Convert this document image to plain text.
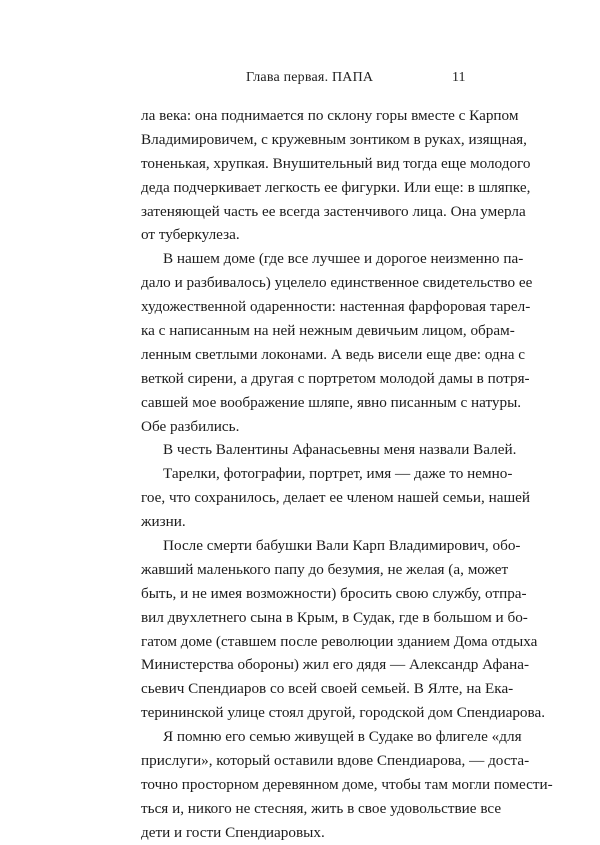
Глава первая. ПАПА	11
ла века: она поднимается по склону горы вместе с Карпом
Владимировичем, с кружевным зонтиком в руках, изящная,
тоненькая, хрупкая. Внушительный вид тогда еще молодого
деда подчеркивает легкость ее фигурки. Или еще: в шляпке,
затеняющей часть ее всегда застенчивого лица. Она умерла
от туберкулеза.
В нашем доме (где все лучшее и дорогое неизменно па-
дало и разбивалось) уцелело единственное свидетельство ее
художественной одаренности: настенная фарфоровая тарел-
ка с написанным на ней нежным девичьим лицом, обрам-
ленным светлыми локонами. А ведь висели еще две: одна с
веткой сирени, а другая с портретом молодой дамы в потря-
савшей мое воображение шляпе, явно писанным с натуры.
Обе разбились.
В честь Валентины Афанасьевны меня назвали Валей.
Тарелки, фотографии, портрет, имя — даже то немно-
гое, что сохранилось, делает ее членом нашей семьи, нашей
жизни.
После смерти бабушки Вали Карп Владимирович, обо-
жавший маленького папу до безумия, не желая (а, может
быть, и не имея возможности) бросить свою службу, отпра-
вил двухлетнего сына в Крым, в Судак, где в большом и бо-
гатом доме (ставшем после революции зданием Дома отдыха
Министерства обороны) жил его дядя — Александр Афана-
сьевич Спендиаров со всей своей семьей. В Ялте, на Ека-
терининской улице стоял другой, городской дом Спендиарова.
Я помню его семью живущей в Судаке во флигеле «для
прислуги», который оставили вдове Спендиарова, — доста-
точно просторном деревянном доме, чтобы там могли помести-
ться и, никого не стесняя, жить в свое удовольствие все
дети и гости Спендиаровых.
